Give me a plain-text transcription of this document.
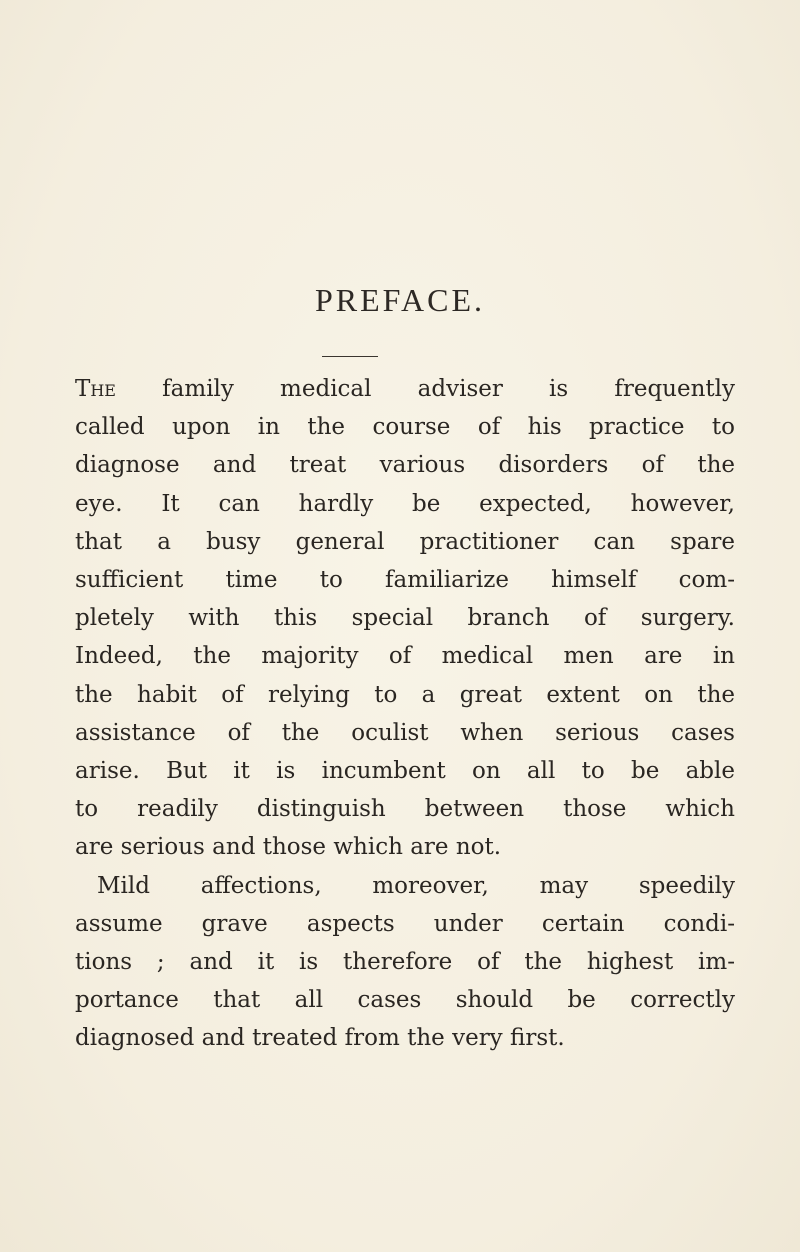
PREFACE.
The family medical adviser is frequently
called upon in the course of his practice to
diagnose and treat various disorders of the
eye. It can hardly be expected, however,
that a busy general practitioner can spare
sufficient time to familiarize himself com-
pletely with this special branch of surgery.
Indeed, the majority of medical men are in
the habit of relying to a great extent on the
assistance of the oculist when serious cases
arise. But it is incumbent on all to be able
to readily distinguish between those which
are serious and those which are not.
Mild affections, moreover, may speedily
assume grave aspects under certain condi-
tions ; and it is therefore of the highest im-
portance that all cases should be correctly
diagnosed and treated from the very first.
